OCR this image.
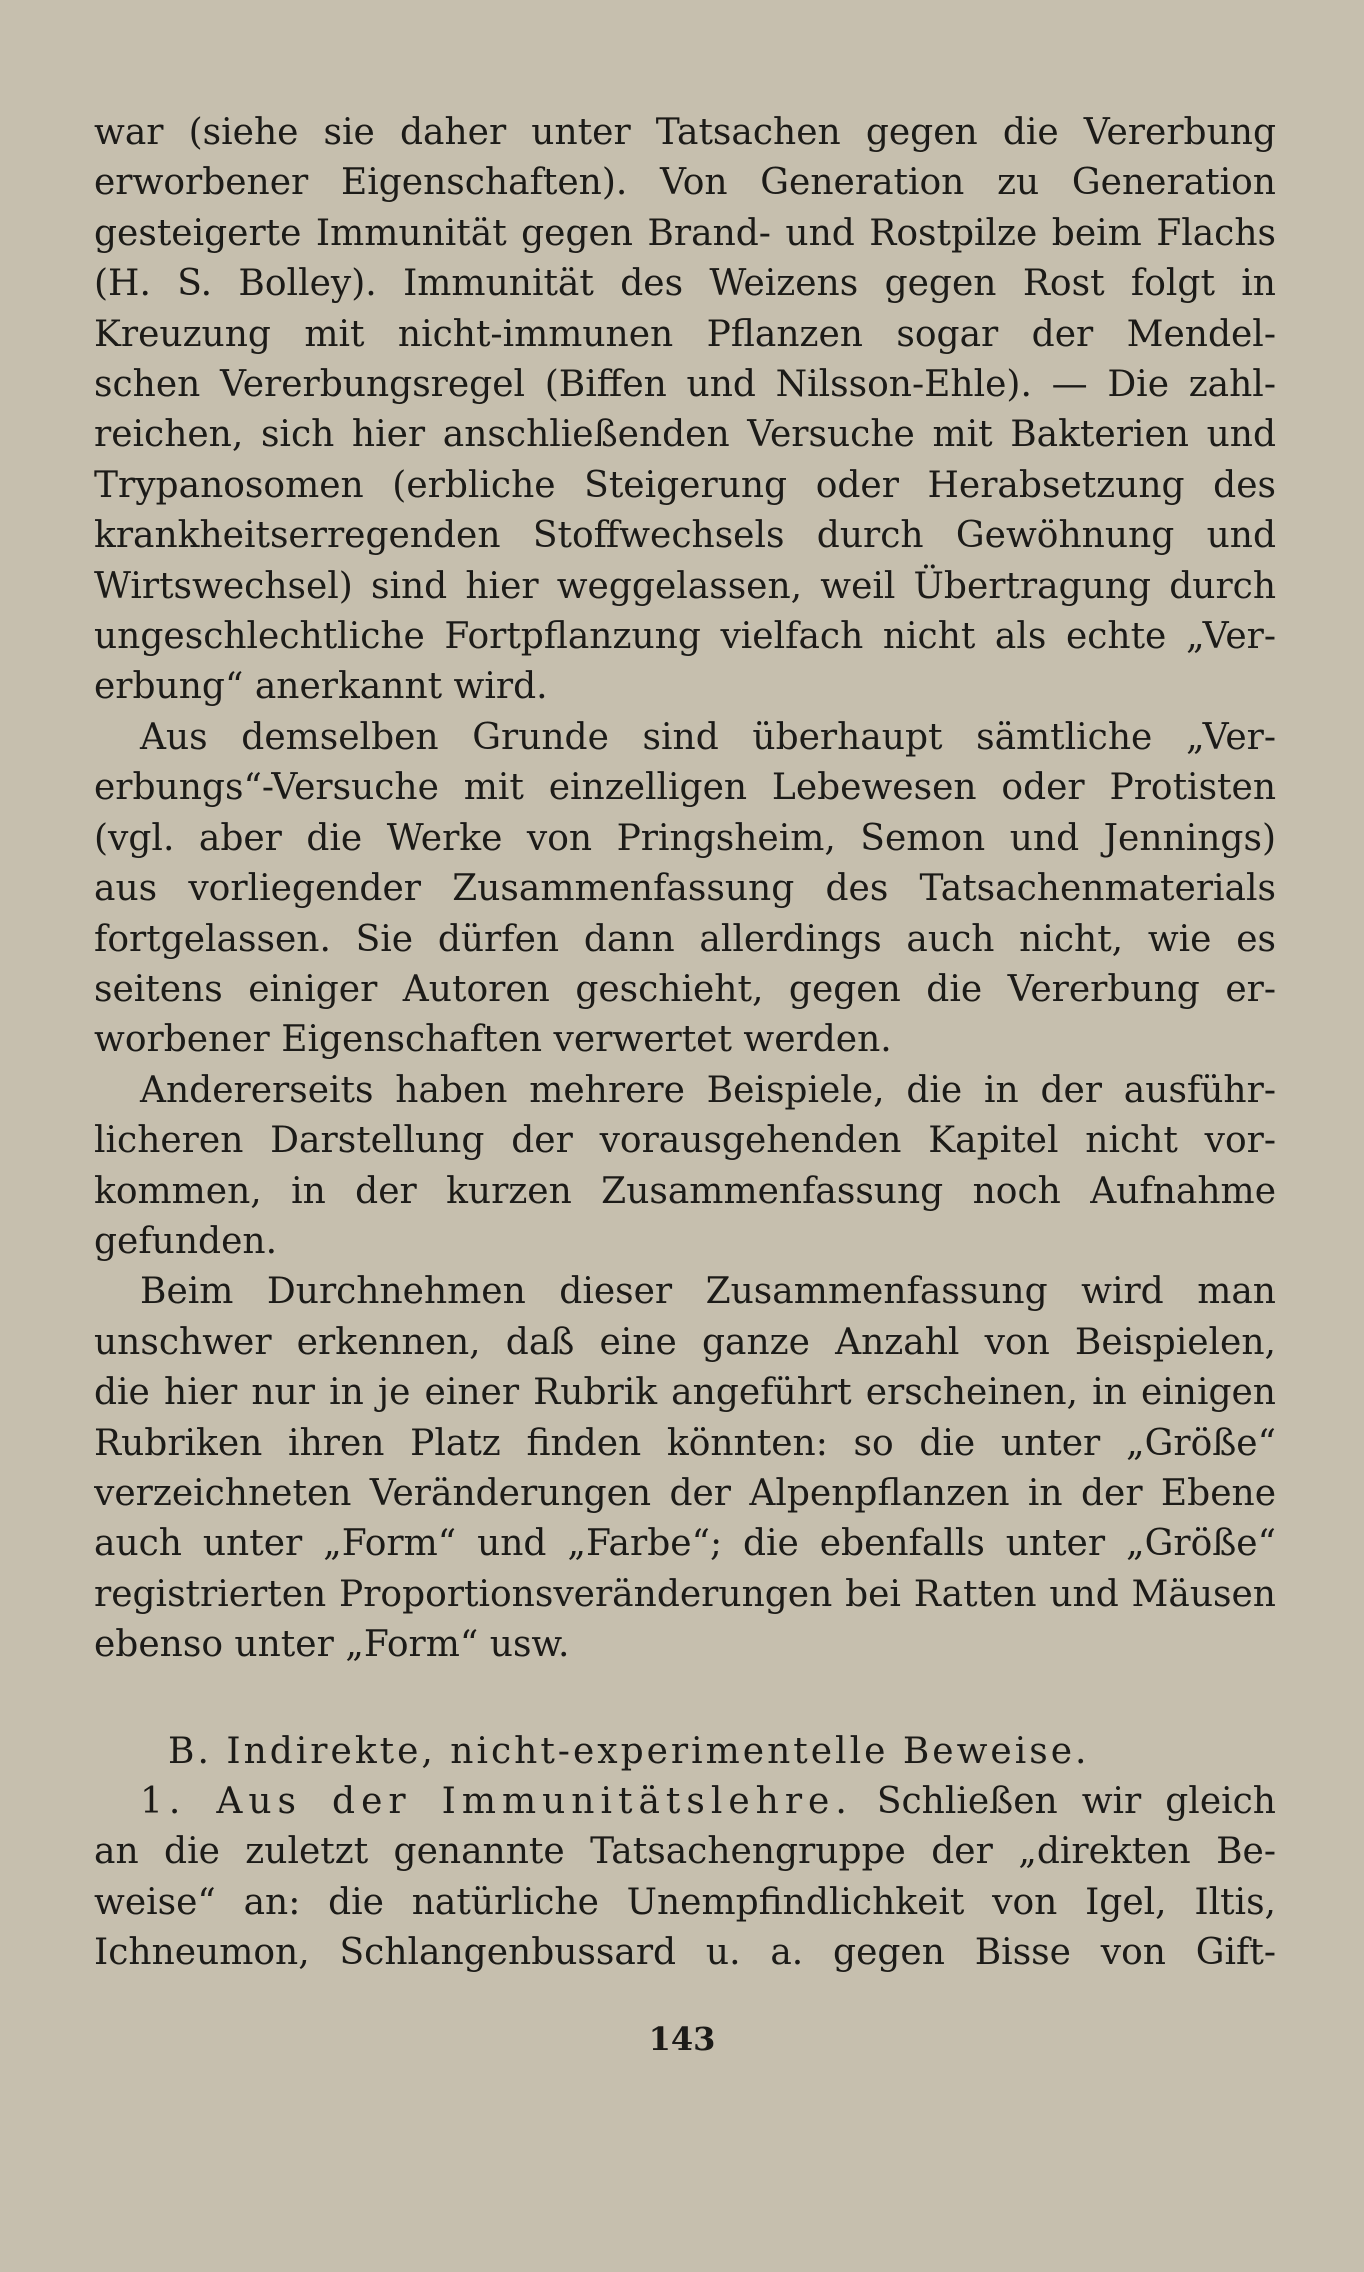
war (siehe sie daher unter Tatsachen gegen die Vererbung
erworbener Eigenschaften). Von Generation zu Generation
gesteigerte Immunität gegen Brand- und Rostpilze beim Flachs
(H. S. Bolley). Immunität des Weizens gegen Rost folgt in
Kreuzung mit nicht-immunen Pflanzen sogar der Mendel-
schen Vererbungsregel (Biffen und Nilsson-Ehle). — Die zahl-
reichen, sich hier anschließenden Versuche mit Bakterien und
Trypanosomen (erbliche Steigerung oder Herabsetzung des
krankheitserregenden Stoffwechsels durch Gewöhnung und
Wirtswechsel) sind hier weggelassen, weil Übertragung durch
ungeschlechtliche Fortpflanzung vielfach nicht als echte „Ver-
erbung“ anerkannt wird.
Aus demselben Grunde sind überhaupt sämtliche „Ver-
erbungs“-Versuche mit einzelligen Lebewesen oder Protisten
(vgl. aber die Werke von Pringsheim, Semon und Jennings)
aus vorliegender Zusammenfassung des Tatsachenmaterials
fortgelassen. Sie dürfen dann allerdings auch nicht, wie es
seitens einiger Autoren geschieht, gegen die Vererbung er-
worbener Eigenschaften verwertet werden.
Andererseits haben mehrere Beispiele, die in der ausführ-
licheren Darstellung der vorausgehenden Kapitel nicht vor-
kommen, in der kurzen Zusammenfassung noch Aufnahme
gefunden.
Beim Durchnehmen dieser Zusammenfassung wird man
unschwer erkennen, daß eine ganze Anzahl von Beispielen,
die hier nur in je einer Rubrik angeführt erscheinen, in einigen
Rubriken ihren Platz finden könnten: so die unter „Größe“
verzeichneten Veränderungen der Alpenpflanzen in der Ebene
auch unter „Form“ und „Farbe“; die ebenfalls unter „Größe“
registrierten Proportionsveränderungen bei Ratten und Mäusen
ebenso unter „Form“ usw.
B. Indirekte, nicht-experimentelle Beweise.
1. Aus der Immunitätslehre. Schließen wir gleich
an die zuletzt genannte Tatsachengruppe der „direkten Be-
weise“ an: die natürliche Unempfindlichkeit von Igel, Iltis,
Ichneumon, Schlangenbussard u. a. gegen Bisse von Gift-
143
